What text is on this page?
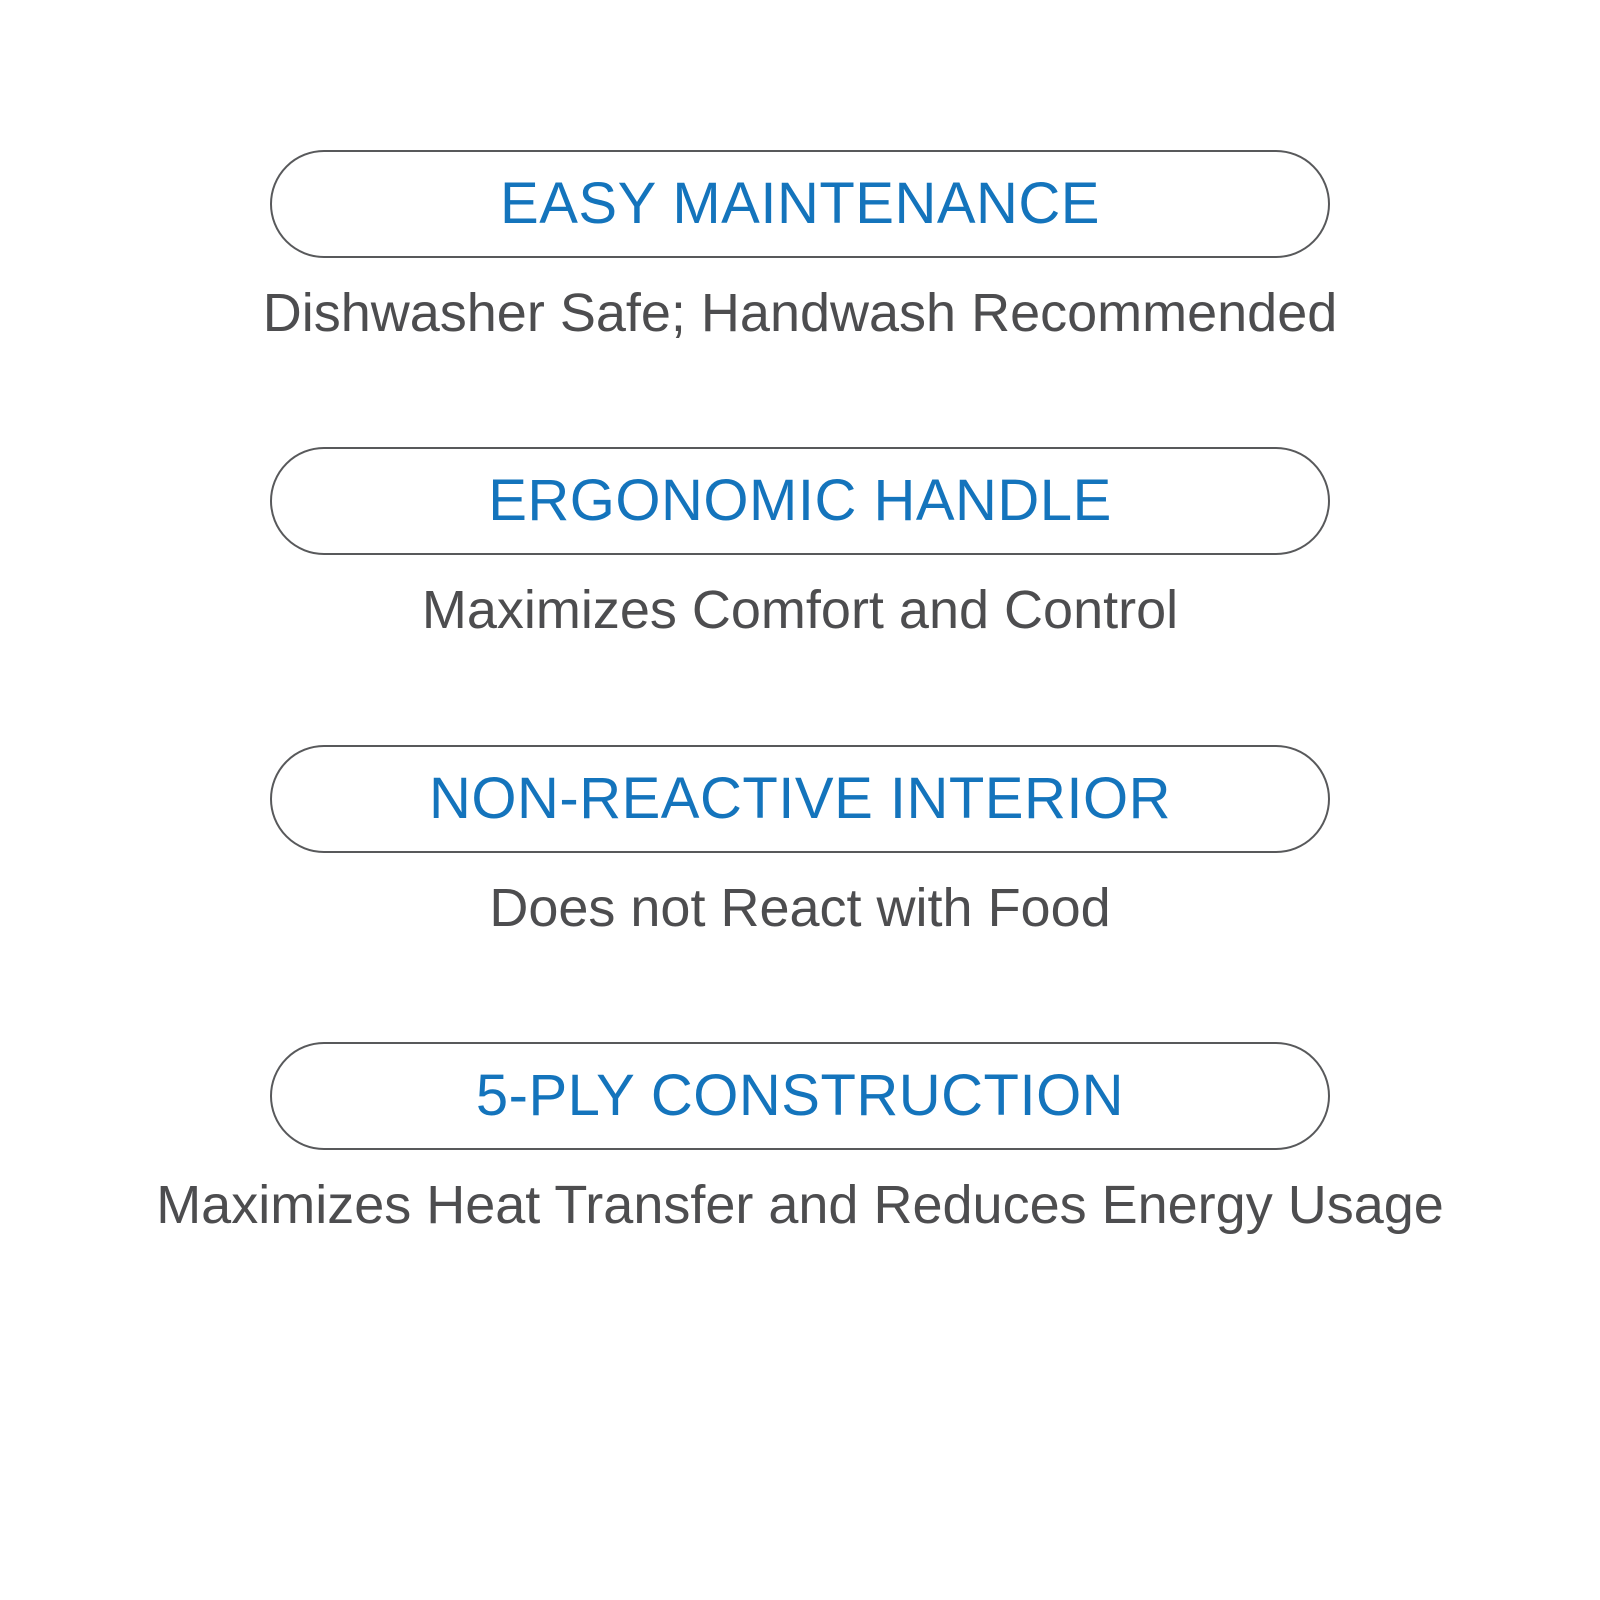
EASY MAINTENANCE
Dishwasher Safe; Handwash Recommended
ERGONOMIC HANDLE
Maximizes Comfort and Control
NON-REACTIVE INTERIOR
Does not React with Food
5-PLY CONSTRUCTION
Maximizes Heat Transfer and Reduces Energy Usage
